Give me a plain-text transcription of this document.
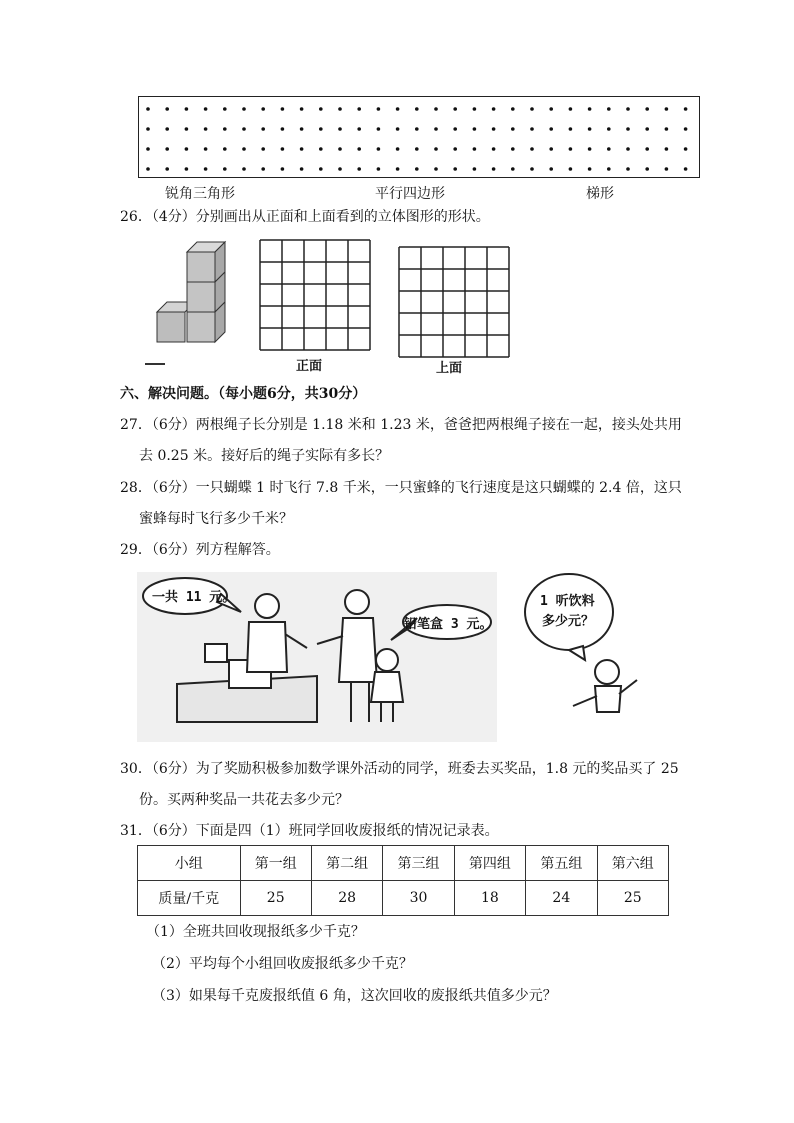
锐角三角形	平行四边形	梯形
26．（4分）分别画出从正面和上面看到的立体图形的形状。
正面	上面
六、解决问题。（每小题6分，共30分）
27．（6分）两根绳子长分别是 1.18 米和 1.23 米，爸爸把两根绳子接在一起，接头处共用
去 0.25 米。接好后的绳子实际有多长？
28．（6分）一只蝴蝶 1 时飞行 7.8 千米，一只蜜蜂的飞行速度是这只蝴蝶的 2.4 倍，这只
蜜蜂每时飞行多少千米？
29．（6分）列方程解答。
一共 11 元。
铅笔盒 3 元。
1 听饮料
多少元？
30．（6分）为了奖励积极参加数学课外活动的同学，班委去买奖品，1.8 元的奖品买了 25
份。买两种奖品一共花去多少元？
31．（6分）下面是四（1）班同学回收废报纸的情况记录表。
小组	第一组	第二组	第三组	第四组	第五组	第六组
质量/千克	25	28	30	18	24	25
（1）全班共回收现报纸多少千克？
（2）平均每个小组回收废报纸多少千克？
（3）如果每千克废报纸值 6 角，这次回收的废报纸共值多少元？
